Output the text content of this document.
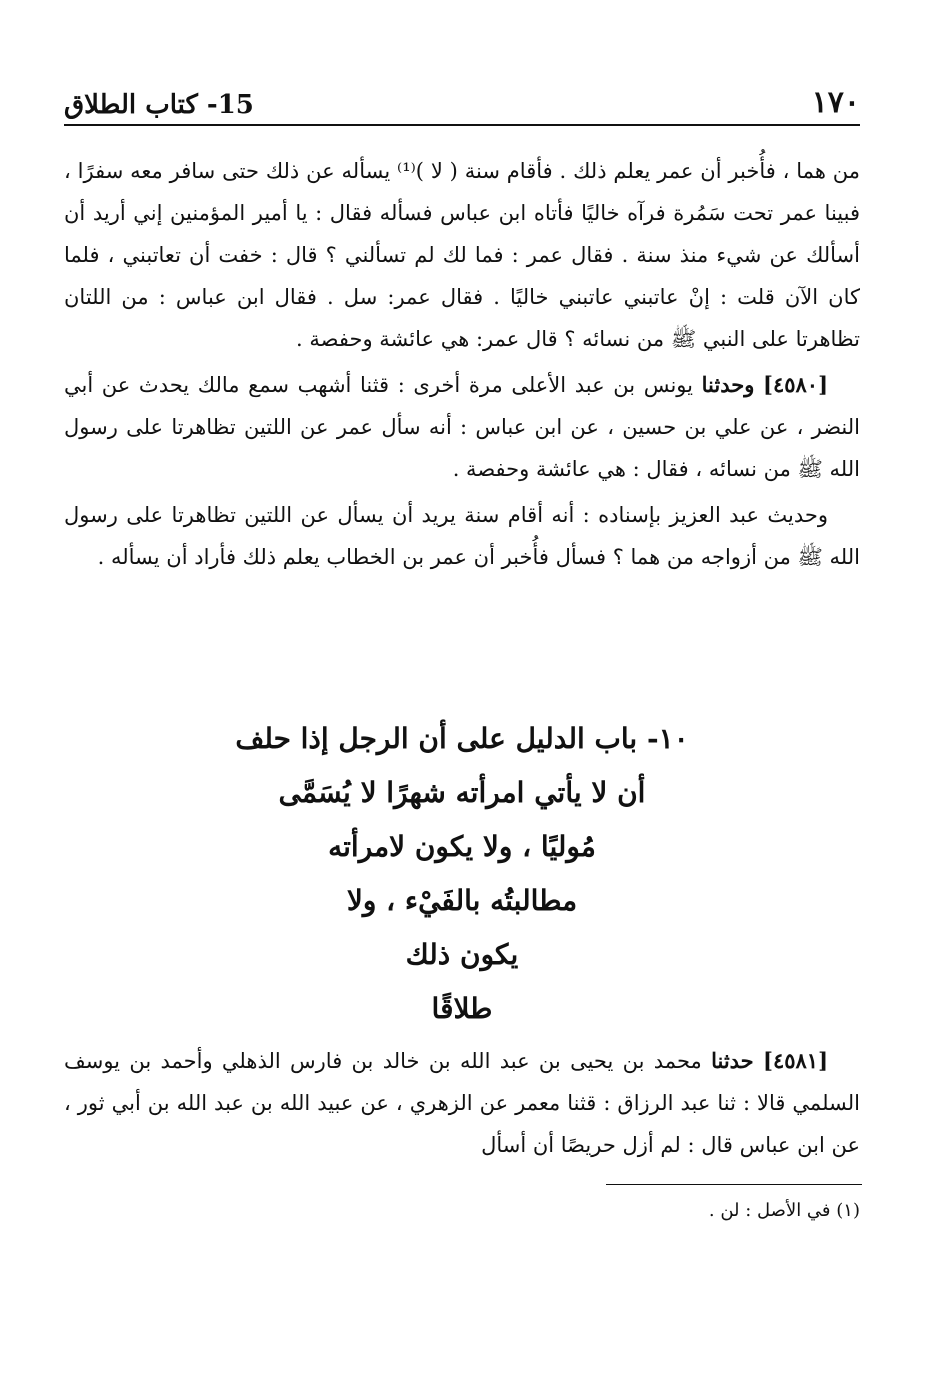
١٧٠
15- كتاب الطلاق

من هما ، فأُخبر أن عمر يعلم ذلك . فأقام سنة ( لا )⁽¹⁾ يسأله عن ذلك حتى سافر معه سفرًا ، فبينا عمر تحت سَمُرة فرآه خاليًا فأتاه ابن عباس فسأله فقال : يا أمير المؤمنين إني أريد أن أسألك عن شيء منذ سنة . فقال عمر : فما لك لم تسألني ؟ قال : خفت أن تعاتبني ، فلما كان الآن قلت : إنْ عاتبني عاتبني خاليًا . فقال عمر: سل . فقال ابن عباس : من اللتان تظاهرتا على النبي ﷺ من نسائه ؟ قال عمر: هي عائشة وحفصة .

[٤٥٨٠] وحدثنا يونس بن عبد الأعلى مرة أخرى : قثنا أشهب سمع مالك يحدث عن أبي النضر ، عن علي بن حسين ، عن ابن عباس : أنه سأل عمر عن اللتين تظاهرتا على رسول الله ﷺ من نسائه ، فقال : هي عائشة وحفصة .

وحديث عبد العزيز بإسناده : أنه أقام سنة يريد أن يسأل عن اللتين تظاهرتا على رسول الله ﷺ من أزواجه من هما ؟ فسأل فأُخبر أن عمر بن الخطاب يعلم ذلك فأراد أن يسأله .

١٠- باب الدليل على أن الرجل إذا حلف
أن لا يأتي امرأته شهرًا لا يُسَمَّى
مُوليًا ، ولا يكون لامرأته
مطالبتُه بالفَيْء ، ولا
يكون ذلك
طلاقًا

[٤٥٨١] حدثنا محمد بن يحيى بن عبد الله بن خالد بن فارس الذهلي وأحمد بن يوسف السلمي قالا : ثنا عبد الرزاق : قثنا معمر عن الزهري ، عن عبيد الله بن عبد الله بن أبي ثور ، عن ابن عباس قال : لم أزل حريصًا أن أسأل

(١) في الأصل : لن .
